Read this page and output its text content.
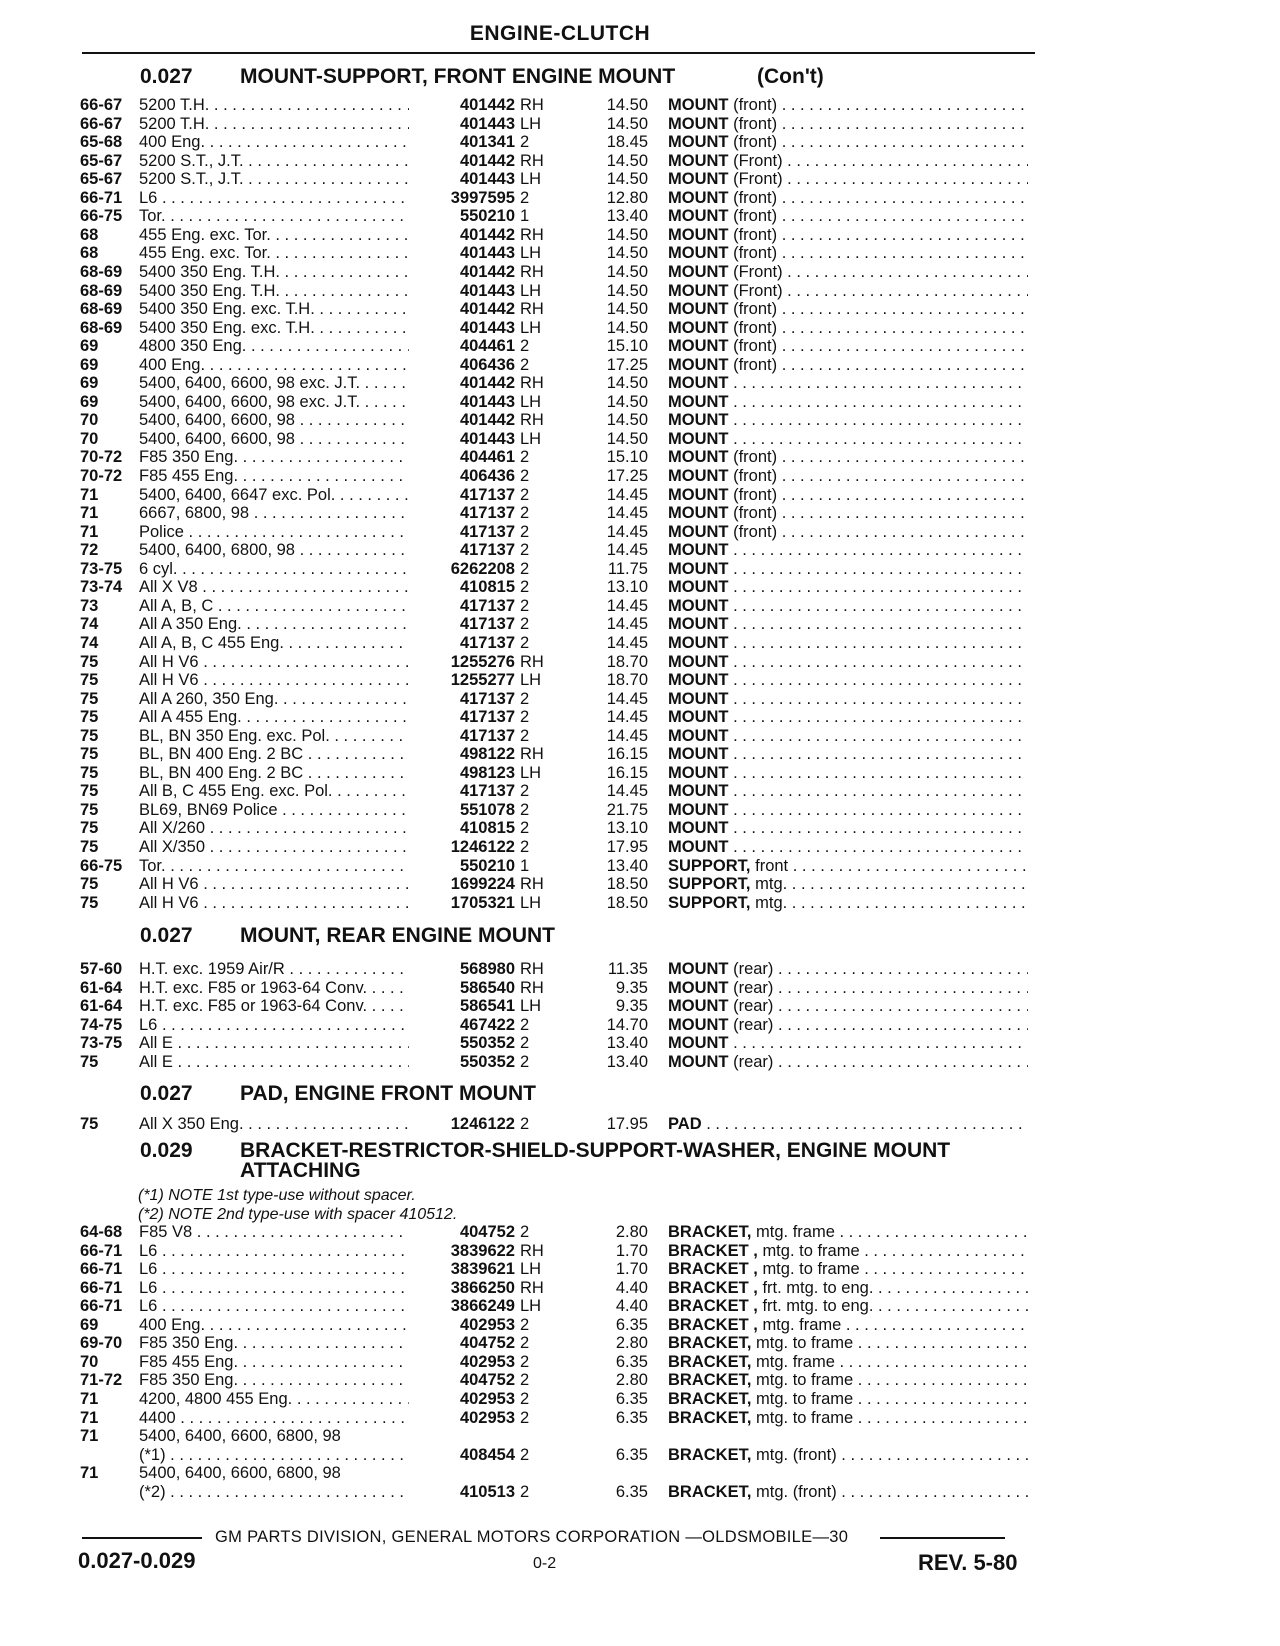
ENGINE-CLUTCH
0.027 MOUNT-SUPPORT, FRONT ENGINE MOUNT	(Con't)
66-67 5200 T.H. . . .	401442 RH	14.50 MOUNT (front) . . .
66-67 5200 T.H. . . .	401443 LH	14.50 MOUNT (front) . . .
65-68 400 Eng. . . .	401341 2	18.45 MOUNT (front) . . .
65-67 5200 S.T., J.T. . . .	401442 RH	14.50 MOUNT (Front) . . .
65-67 5200 S.T., J.T. . . .	401443 LH	14.50 MOUNT (Front) . . .
66-71 L6 . . .	3997595 2	12.80 MOUNT (front) . . .
66-75 Tor. . . .	550210 1	13.40 MOUNT (front) . . .
68 455 Eng. exc. Tor. . . .	401442 RH	14.50 MOUNT (front) . . .
68 455 Eng. exc. Tor. . . .	401443 LH	14.50 MOUNT (front) . . .
68-69 5400 350 Eng. T.H. . . .	401442 RH	14.50 MOUNT (Front) . . .
68-69 5400 350 Eng. T.H. . . .	401443 LH	14.50 MOUNT (Front) . . .
68-69 5400 350 Eng. exc. T.H. . . .	401442 RH	14.50 MOUNT (front) . . .
68-69 5400 350 Eng. exc. T.H. . . .	401443 LH	14.50 MOUNT (front) . . .
69 4800 350 Eng. . . .	404461 2	15.10 MOUNT (front) . . .
69 400 Eng. . . .	406436 2	17.25 MOUNT (front) . . .
69 5400, 6400, 6600, 98 exc. J.T. . . .	401442 RH	14.50 MOUNT . . .
69 5400, 6400, 6600, 98 exc. J.T. . . .	401443 LH	14.50 MOUNT . . .
70 5400, 6400, 6600, 98 . . .	401442 RH	14.50 MOUNT . . .
70 5400, 6400, 6600, 98 . . .	401443 LH	14.50 MOUNT . . .
70-72 F85 350 Eng. . . .	404461 2	15.10 MOUNT (front) . . .
70-72 F85 455 Eng. . . .	406436 2	17.25 MOUNT (front) . . .
71 5400, 6400, 6647 exc. Pol. . . .	417137 2	14.45 MOUNT (front) . . .
71 6667, 6800, 98 . . .	417137 2	14.45 MOUNT (front) . . .
71 Police . . .	417137 2	14.45 MOUNT (front) . . .
72 5400, 6400, 6800, 98 . . .	417137 2	14.45 MOUNT . . .
73-75 6 cyl. . . .	6262208 2	11.75 MOUNT . . .
73-74 All X V8 . . .	410815 2	13.10 MOUNT . . .
73 All A, B, C . . .	417137 2	14.45 MOUNT . . .
74 All A 350 Eng. . . .	417137 2	14.45 MOUNT . . .
74 All A, B, C 455 Eng. . . .	417137 2	14.45 MOUNT . . .
75 All H V6 . . .	1255276 RH	18.70 MOUNT . . .
75 All H V6 . . .	1255277 LH	18.70 MOUNT . . .
75 All A 260, 350 Eng. . . .	417137 2	14.45 MOUNT . . .
75 All A 455 Eng. . . .	417137 2	14.45 MOUNT . . .
75 BL, BN 350 Eng. exc. Pol. . . .	417137 2	14.45 MOUNT . . .
75 BL, BN 400 Eng. 2 BC . . .	498122 RH	16.15 MOUNT . . .
75 BL, BN 400 Eng. 2 BC . . .	498123 LH	16.15 MOUNT . . .
75 All B, C 455 Eng. exc. Pol. . . .	417137 2	14.45 MOUNT . . .
75 BL69, BN69 Police . . .	551078 2	21.75 MOUNT . . .
75 All X/260 . . .	410815 2	13.10 MOUNT . . .
75 All X/350 . . .	1246122 2	17.95 MOUNT . . .
66-75 Tor. . . .	550210 1	13.40 SUPPORT, front . . .
75 All H V6 . . .	1699224 RH	18.50 SUPPORT, mtg. . . .
75 All H V6 . . .	1705321 LH	18.50 SUPPORT, mtg. . . .
0.027 MOUNT, REAR ENGINE MOUNT
57-60 H.T. exc. 1959 Air/R . . .	568980 RH	11.35 MOUNT (rear) . . .
61-64 H.T. exc. F85 or 1963-64 Conv. . . .	586540 RH	9.35 MOUNT (rear) . . .
61-64 H.T. exc. F85 or 1963-64 Conv. . . .	586541 LH	9.35 MOUNT (rear) . . .
74-75 L6 . . .	467422 2	14.70 MOUNT (rear) . . .
73-75 All E . . .	550352 2	13.40 MOUNT . . .
75 All E . . .	550352 2	13.40 MOUNT (rear) . . .
0.027 PAD, ENGINE FRONT MOUNT
75 All X 350 Eng. . . .	1246122 2	17.95 PAD . . .
0.029 BRACKET-RESTRICTOR-SHIELD-SUPPORT-WASHER, ENGINE MOUNT
ATTACHING
(*1) NOTE 1st type-use without spacer.
(*2) NOTE 2nd type-use with spacer 410512.
64-68 F85 V8 . . .	404752 2	2.80 BRACKET, mtg. frame . . .
66-71 L6 . . .	3839622 RH	1.70 BRACKET , mtg. to frame . . .
66-71 L6 . . .	3839621 LH	1.70 BRACKET , mtg. to frame . . .
66-71 L6 . . .	3866250 RH	4.40 BRACKET , frt. mtg. to eng. . . .
66-71 L6 . . .	3866249 LH	4.40 BRACKET , frt. mtg. to eng. . . .
69 400 Eng. . . .	402953 2	6.35 BRACKET , mtg. frame . . .
69-70 F85 350 Eng. . . .	404752 2	2.80 BRACKET, mtg. to frame . . .
70 F85 455 Eng. . . .	402953 2	6.35 BRACKET, mtg. frame . . .
71-72 F85 350 Eng. . . .	404752 2	2.80 BRACKET, mtg. to frame . . .
71 4200, 4800 455 Eng. . . .	402953 2	6.35 BRACKET, mtg. to frame . . .
71 4400 . . .	402953 2	6.35 BRACKET, mtg. to frame . . .
71 5400, 6400, 6600, 6800, 98
(*1) . . .	408454 2	6.35 BRACKET, mtg. (front) . . .
71 5400, 6400, 6600, 6800, 98
(*2) . . .	410513 2	6.35 BRACKET, mtg. (front) . . .
GM PARTS DIVISION, GENERAL MOTORS CORPORATION —OLDSMOBILE—30
0.027-0.029	0-2	REV. 5-80
